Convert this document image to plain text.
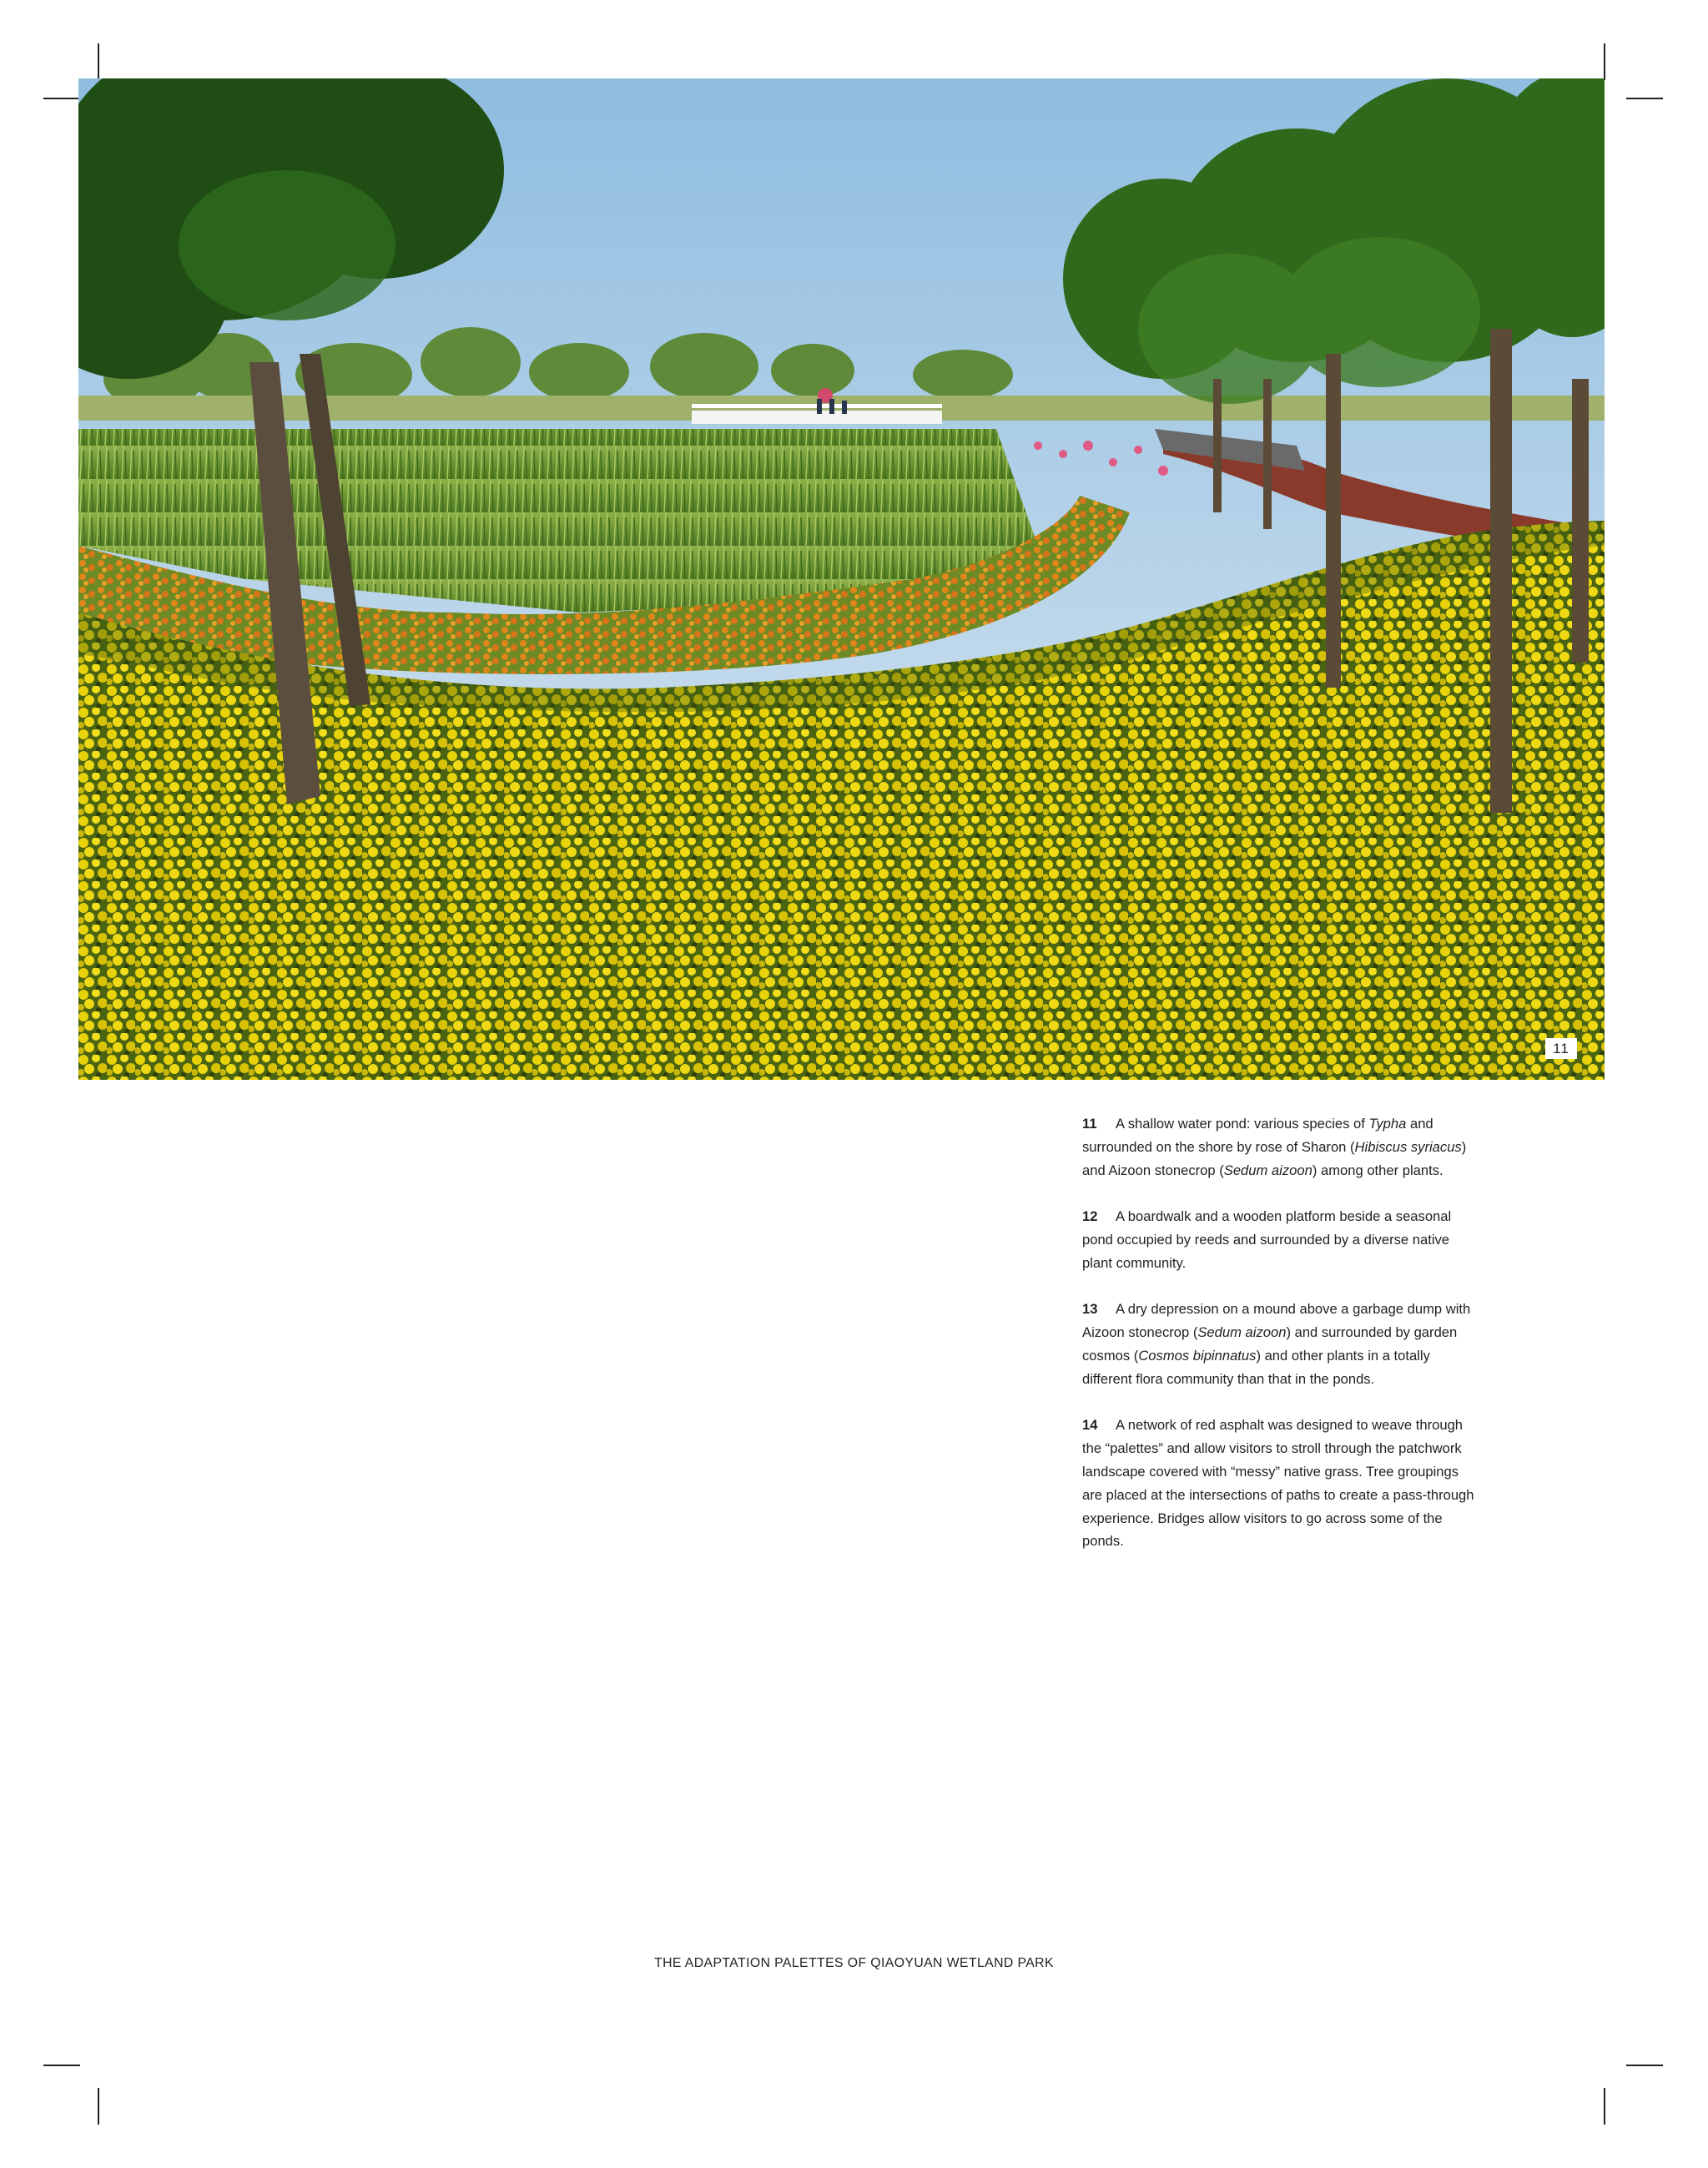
11

11 A shallow water pond: various species of Typha and surrounded on the shore by rose of Sharon (Hibiscus syriacus) and Aizoon stonecrop (Sedum aizoon) among other plants.

12 A boardwalk and a wooden platform beside a seasonal pond occupied by reeds and surrounded by a diverse native plant community.

13 A dry depression on a mound above a garbage dump with Aizoon stonecrop (Sedum aizoon) and surrounded by garden cosmos (Cosmos bipinnatus) and other plants in a totally different flora community than that in the ponds.

14 A network of red asphalt was designed to weave through the “palettes” and allow visitors to stroll through the patchwork landscape covered with “messy” native grass. Tree groupings are placed at the intersections of paths to create a pass-through experience. Bridges allow visitors to go across some of the ponds.

THE ADAPTATION PALETTES OF QIAOYUAN WETLAND PARK
